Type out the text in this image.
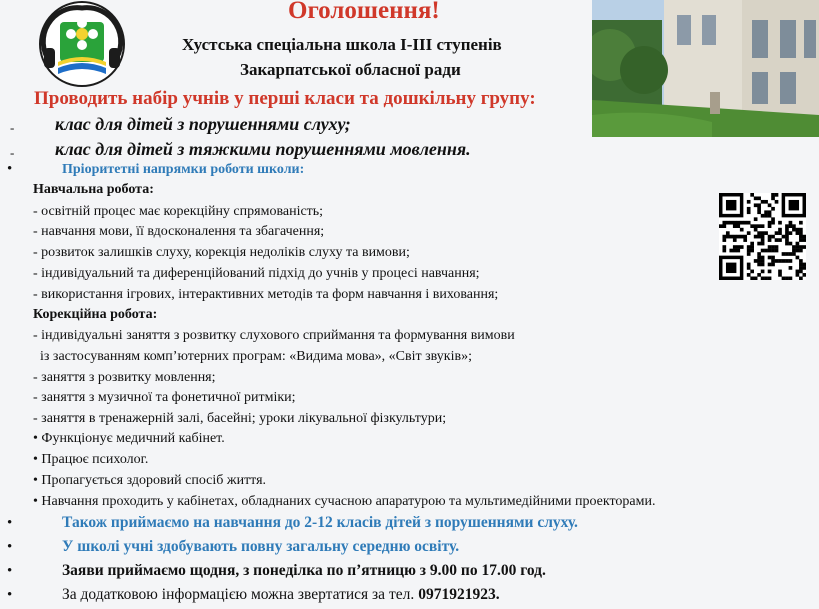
Оголошення!
Хустська спеціальна школа I-III ступенів
Закарпатської обласної ради
Проводить набір учнів у перші класи та дошкільну групу:
- клас для дітей з порушеннями слуху;
- клас для дітей з тяжкими порушеннями мовлення.
•	Пріоритетні напрямки роботи школи:
Навчальна робота:
- освітній процес має корекційну спрямованість;
- навчання мови, її вдосконалення та збагачення;
- розвиток залишків слуху, корекція недоліків слуху та вимови;
- індивідуальний та диференційований підхід до учнів у процесі навчання;
- використання ігрових, інтерактивних методів та форм навчання і виховання;
Корекційна робота:
- індивідуальні заняття з розвитку слухового сприймання та формування вимови
із застосуванням комп’ютерних програм: «Видима мова», «Світ звуків»;
- заняття з розвитку мовлення;
- заняття з музичної та фонетичної ритміки;
- заняття в тренажерній залі, басейні; уроки лікувальної фізкультури;
• Функціонує медичний кабінет.
• Працює психолог.
• Пропагується здоровий спосіб життя.
• Навчання проходить у кабінетах, обладнаних сучасною апаратурою та мультимедійними проекторами.
•	Також приймаємо на навчання до 2-12 класів дітей з порушеннями слуху.
•	У школі учні здобувають повну загальну середню освіту.
•	Заяви приймаємо щодня, з понеділка по п’ятницю з 9.00 по 17.00 год.
•	За додатковою інформацією можна звертатися за тел. 0971921923.
